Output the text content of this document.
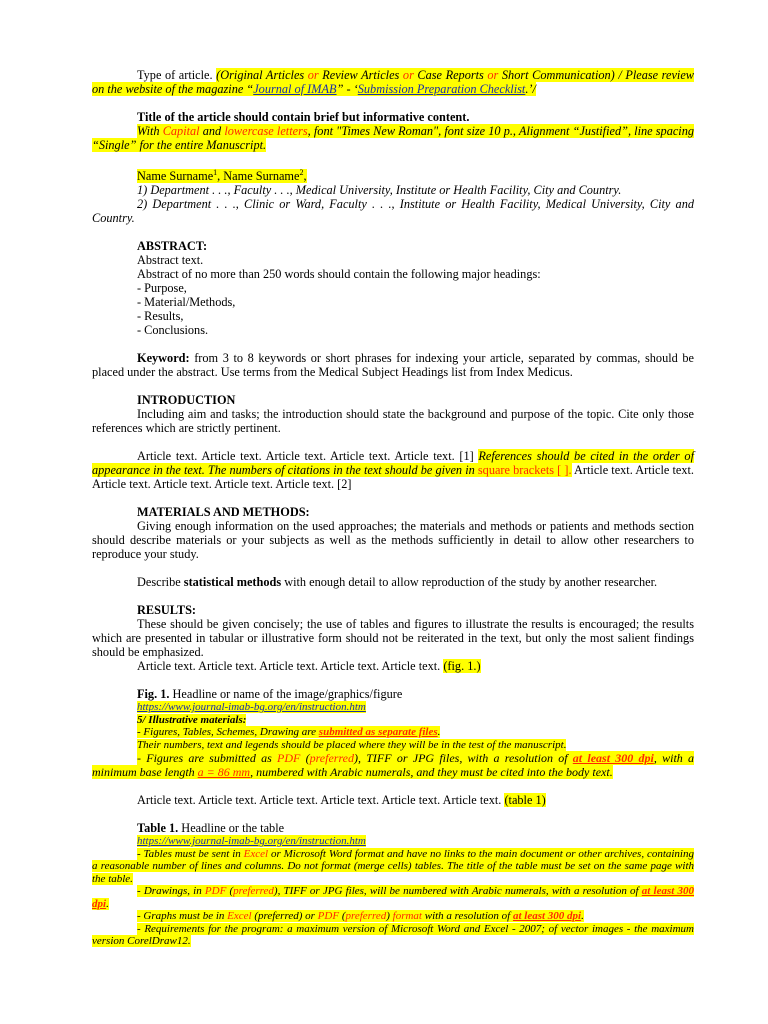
Type of article. (Original Articles or Review Articles or Case Reports or Short Communication) / Please review on the website of the magazine “Journal of IMAB” - ‘Submission Preparation Checklist.’/

Title of the article should contain brief but informative content.

With Capital and lowercase letters, font "Times New Roman", font size 10 p., Alignment “Justified”, line spacing “Single” for the entire Manuscript.

Name Surname$^1$, Name Surname$^2$,

1) Department . . ., Faculty . . ., Medical University, Institute or Health Facility, City and Country.

2) Department . . ., Clinic or Ward, Faculty . . ., Institute or Health Facility, Medical University, City and Country.

ABSTRACT:

Abstract text.

Abstract of no more than 250 words should contain the following major headings:

- Purpose,

- Material/Methods,

- Results,

- Conclusions.

Keyword: from 3 to 8 keywords or short phrases for indexing your article, separated by commas, should be placed under the abstract. Use terms from the Medical Subject Headings list from Index Medicus.

INTRODUCTION

Including aim and tasks; the introduction should state the background and purpose of the topic. Cite only those references which are strictly pertinent.

Article text. Article text. Article text. Article text. Article text. [1] References should be cited in the order of appearance in the text. The numbers of citations in the text should be given in square brackets [ ]. Article text. Article text. Article text. Article text. Article text. Article text. [2]

MATERIALS AND METHODS:

Giving enough information on the used approaches; the materials and methods or patients and methods section should describe materials or your subjects as well as the methods sufficiently in detail to allow other researchers to reproduce your study.

Describe statistical methods with enough detail to allow reproduction of the study by another researcher.

RESULTS:

These should be given concisely; the use of tables and figures to illustrate the results is encouraged; the results which are presented in tabular or illustrative form should not be reiterated in the text, but only the most salient findings should be emphasized.

Article text. Article text. Article text. Article text. Article text. (fig. 1.)

Fig. 1. Headline or name of the image/graphics/figure

https://www.journal-imab-bg.org/en/instruction.htm

5/ Illustrative materials:

- Figures, Tables, Schemes, Drawing are submitted as separate files.

Their numbers, text and legends should be placed where they will be in the test of the manuscript.

- Figures are submitted as PDF (preferred), TIFF or JPG files, with a resolution of at least 300 dpi, with a minimum base length a = 86 mm, numbered with Arabic numerals, and they must be cited into the body text.

Article text. Article text. Article text. Article text. Article text. Article text. (table 1)

Table 1. Headline or the table

https://www.journal-imab-bg.org/en/instruction.htm

- Tables must be sent in Excel or Microsoft Word format and have no links to the main document or other archives, containing a reasonable number of lines and columns. Do not format (merge cells) tables. The title of the table must be set on the same page with the table.

- Drawings, in PDF (preferred), TIFF or JPG files, will be numbered with Arabic numerals, with a resolution of at least 300 dpi.

- Graphs must be in Excel (preferred) or PDF (preferred) format with a resolution of at least 300 dpi.

- Requirements for the program: a maximum version of Microsoft Word and Excel - 2007; of vector images - the maximum version CorelDraw12.
